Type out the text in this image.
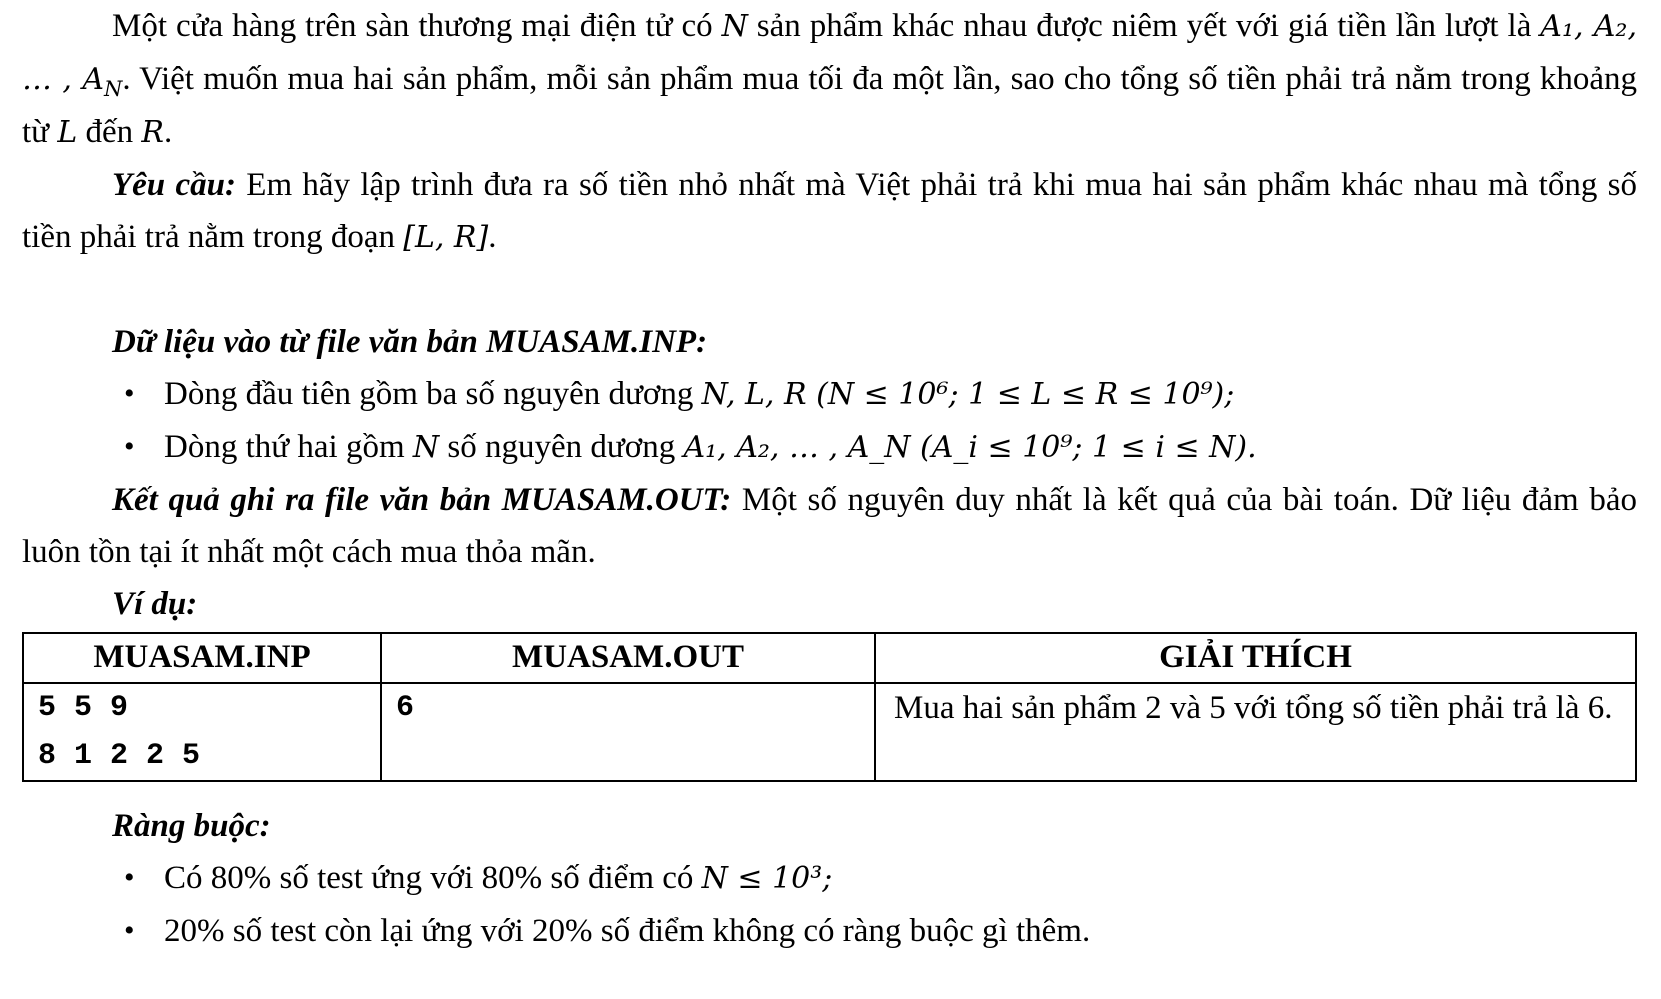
Một cửa hàng trên sàn thương mại điện tử có N sản phẩm khác nhau được niêm yết với giá tiền lần lượt là A₁, A₂, … , $A_N$. Việt muốn mua hai sản phẩm, mỗi sản phẩm mua tối đa một lần, sao cho tổng số tiền phải trả nằm trong khoảng từ L đến R.

Yêu cầu: Em hãy lập trình đưa ra số tiền nhỏ nhất mà Việt phải trả khi mua hai sản phẩm khác nhau mà tổng số tiền phải trả nằm trong đoạn [L, R].

Dữ liệu vào từ file văn bản MUASAM.INP:

• Dòng đầu tiên gồm ba số nguyên dương N, L, R (N ≤ 10⁶; 1 ≤ L ≤ R ≤ 10⁹);
• Dòng thứ hai gồm N số nguyên dương A₁, A₂, … , A_N (A_i ≤ 10⁹; 1 ≤ i ≤ N).

Kết quả ghi ra file văn bản MUASAM.OUT: Một số nguyên duy nhất là kết quả của bài toán. Dữ liệu đảm bảo luôn tồn tại ít nhất một cách mua thỏa mãn.

Ví dụ:

MUASAM.INP	MUASAM.OUT	GIẢI THÍCH
5 5 9
8 1 2 2 5	6	Mua hai sản phẩm 2 và 5 với tổng số tiền phải trả là 6.

Ràng buộc:

• Có 80% số test ứng với 80% số điểm có N ≤ 10³;
• 20% số test còn lại ứng với 20% số điểm không có ràng buộc gì thêm.
